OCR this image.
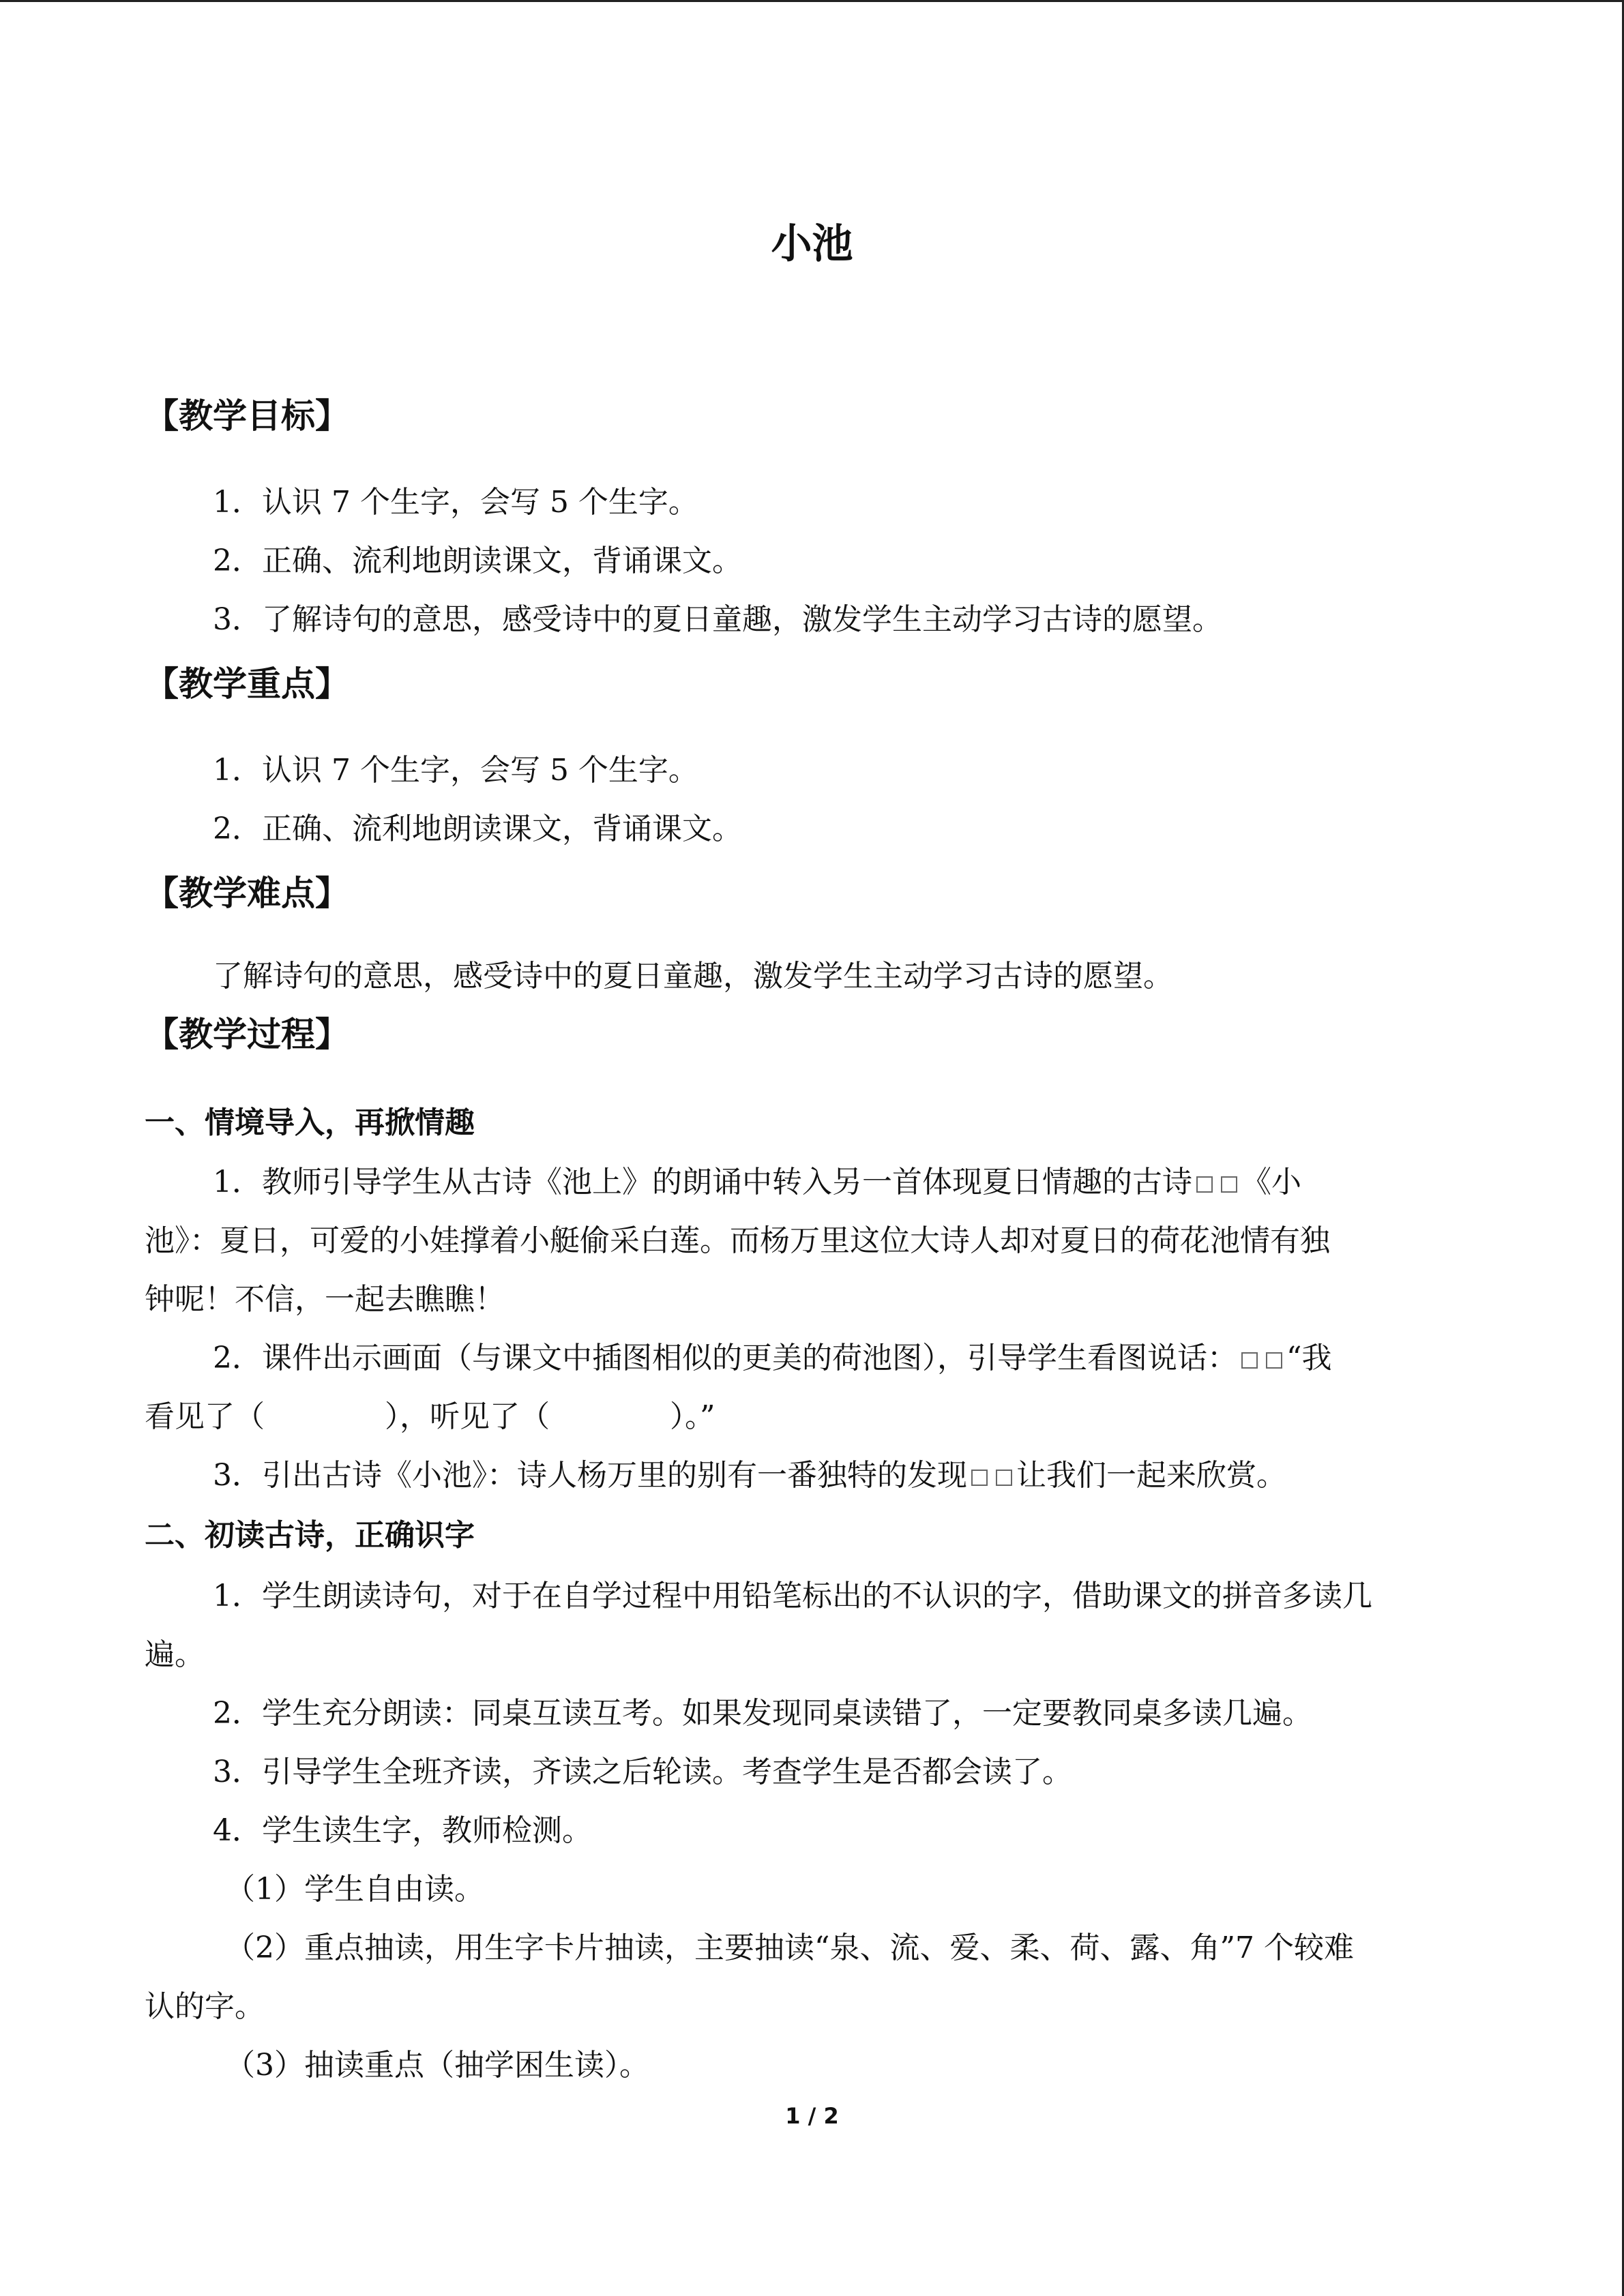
小池
【教学目标】
1．认识 7 个生字，会写 5 个生字。
2．正确、流利地朗读课文，背诵课文。
3．了解诗句的意思，感受诗中的夏日童趣，激发学生主动学习古诗的愿望。
【教学重点】
1．认识 7 个生字，会写 5 个生字。
2．正确、流利地朗读课文，背诵课文。
【教学难点】
了解诗句的意思，感受诗中的夏日童趣，激发学生主动学习古诗的愿望。
【教学过程】
一、情境导入，再掀情趣
1．教师引导学生从古诗《池上》的朗诵中转入另一首体现夏日情趣的古诗 《小
池》：夏日，可爱的小娃撑着小艇偷采白莲。而杨万里这位大诗人却对夏日的荷花池情有独
钟呢！不信，一起去瞧瞧！
2．课件出示画面（与课文中插图相似的更美的荷池图），引导学生看图说话： “我
看见了（　　　　），听见了（　　　　）。”
3．引出古诗《小池》：诗人杨万里的别有一番独特的发现 让我们一起来欣赏。
二、初读古诗，正确识字
1．学生朗读诗句，对于在自学过程中用铅笔标出的不认识的字，借助课文的拼音多读几
遍。
2．学生充分朗读：同桌互读互考。如果发现同桌读错了，一定要教同桌多读几遍。
3．引导学生全班齐读，齐读之后轮读。考查学生是否都会读了。
4．学生读生字，教师检测。
（1）学生自由读。
（2）重点抽读，用生字卡片抽读，主要抽读“泉、流、爱、柔、荷、露、角”7 个较难
认的字。
（3）抽读重点（抽学困生读）。
1 / 2
